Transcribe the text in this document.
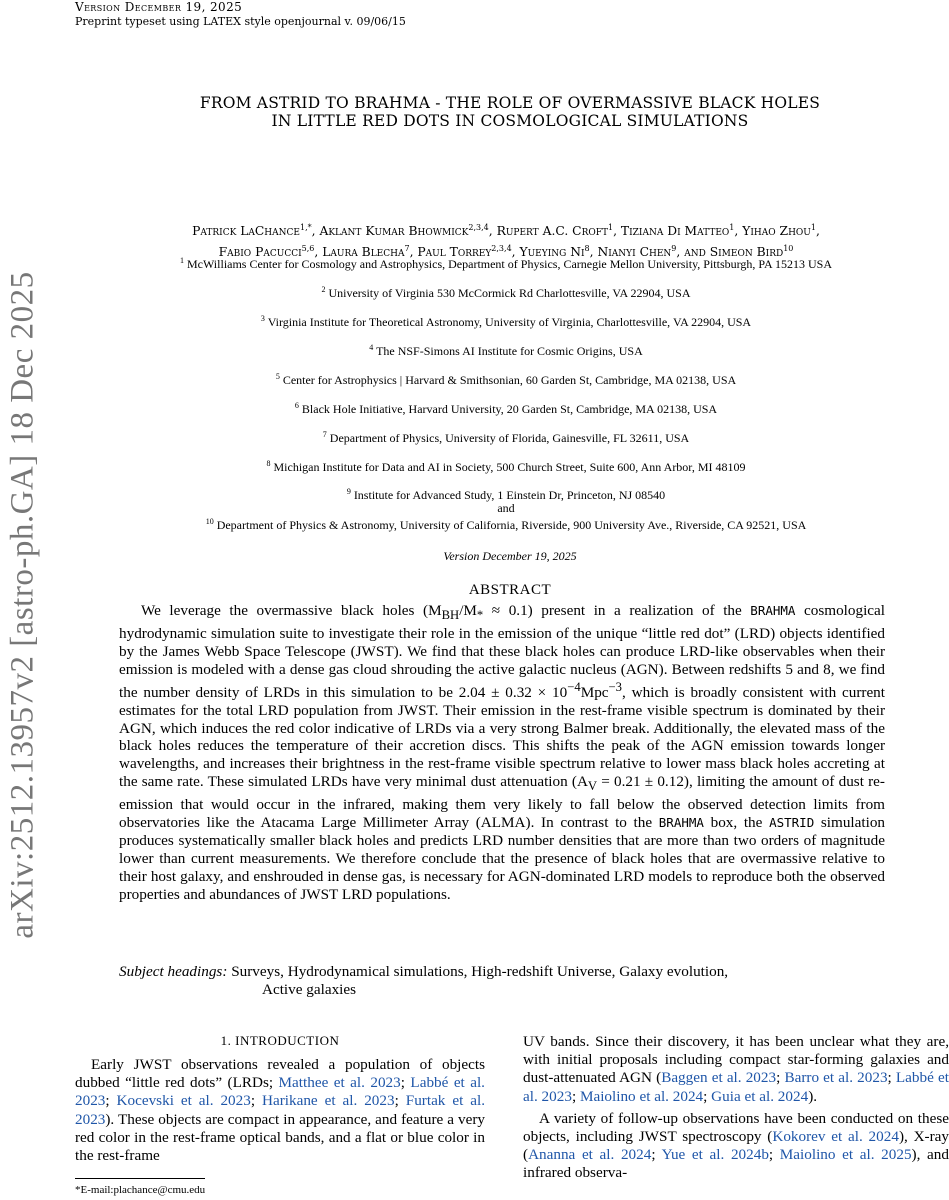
arXiv:2512.13957v2 [astro-ph.GA] 18 Dec 2025
Version December 19, 2025
Preprint typeset using LATEX style openjournal v. 09/06/15
FROM ASTRID TO BRAHMA - THE ROLE OF OVERMASSIVE BLACK HOLES
IN LITTLE RED DOTS IN COSMOLOGICAL SIMULATIONS
Patrick LaChance$^{1,*}$, Aklant Kumar Bhowmick$^{2,3,4}$, Rupert A.C. Croft$^1$, Tiziana Di Matteo$^1$, Yihao Zhou$^1$,
Fabio Pacucci$^{5,6}$, Laura Blecha$^7$, Paul Torrey$^{2,3,4}$, Yueying Ni$^8$, Nianyi Chen$^9$, and Simeon Bird$^{10}$
$^1$ McWilliams Center for Cosmology and Astrophysics, Department of Physics, Carnegie Mellon University, Pittsburgh, PA 15213 USA
$^2$ University of Virginia 530 McCormick Rd Charlottesville, VA 22904, USA
$^3$ Virginia Institute for Theoretical Astronomy, University of Virginia, Charlottesville, VA 22904, USA
$^4$ The NSF-Simons AI Institute for Cosmic Origins, USA
$^5$ Center for Astrophysics | Harvard & Smithsonian, 60 Garden St, Cambridge, MA 02138, USA
$^6$ Black Hole Initiative, Harvard University, 20 Garden St, Cambridge, MA 02138, USA
$^7$ Department of Physics, University of Florida, Gainesville, FL 32611, USA
$^8$ Michigan Institute for Data and AI in Society, 500 Church Street, Suite 600, Ann Arbor, MI 48109
$^9$ Institute for Advanced Study, 1 Einstein Dr, Princeton, NJ 08540
and
$^{10}$ Department of Physics & Astronomy, University of California, Riverside, 900 University Ave., Riverside, CA 92521, USA
Version December 19, 2025
ABSTRACT
We leverage the overmassive black holes $(M_{BH}/M_* \approx 0.1)$ present in a realization of the BRAHMA cosmological hydrodynamic simulation suite to investigate their role in the emission of the unique “little red dot” (LRD) objects identified by the James Webb Space Telescope (JWST). We find that these black holes can produce LRD-like observables when their emission is modeled with a dense gas cloud shrouding the active galactic nucleus (AGN). Between redshifts 5 and 8, we find the number density of LRDs in this simulation to be $2.04 \pm 0.32 \times 10^{-4}Mpc^{-3}$, which is broadly consistent with current estimates for the total LRD population from JWST. Their emission in the rest-frame visible spectrum is dominated by their AGN, which induces the red color indicative of LRDs via a very strong Balmer break. Additionally, the elevated mass of the black holes reduces the temperature of their accretion discs. This shifts the peak of the AGN emission towards longer wavelengths, and increases their brightness in the rest-frame visible spectrum relative to lower mass black holes accreting at the same rate. These simulated LRDs have very minimal dust attenuation $(A_V = 0.21 \pm 0.12)$, limiting the amount of dust re-emission that would occur in the infrared, making them very likely to fall below the observed detection limits from observatories like the Atacama Large Millimeter Array (ALMA). In contrast to the BRAHMA box, the ASTRID simulation produces systematically smaller black holes and predicts LRD number densities that are more than two orders of magnitude lower than current measurements. We therefore conclude that the presence of black holes that are overmassive relative to their host galaxy, and enshrouded in dense gas, is necessary for AGN-dominated LRD models to reproduce both the observed properties and abundances of JWST LRD populations.
Subject headings: Surveys, Hydrodynamical simulations, High-redshift Universe, Galaxy evolution,
Active galaxies
1. INTRODUCTION

Early JWST observations revealed a population of objects dubbed “little red dots” (LRDs; Matthee et al. 2023; Labbé et al. 2023; Kocevski et al. 2023; Harikane et al. 2023; Furtak et al. 2023). These objects are compact in appearance, and feature a very red color in the rest-frame optical bands, and a flat or blue color in the rest-frame

UV bands. Since their discovery, it has been unclear what they are, with initial proposals including compact star-forming galaxies and dust-attenuated AGN (Baggen et al. 2023; Barro et al. 2023; Labbé et al. 2023; Maiolino et al. 2024; Guia et al. 2024).

A variety of follow-up observations have been conducted on these objects, including JWST spectroscopy (Kokorev et al. 2024), X-ray (Ananna et al. 2024; Yue et al. 2024b; Maiolino et al. 2025), and infrared observa-

*E-mail:plachance@cmu.edu
